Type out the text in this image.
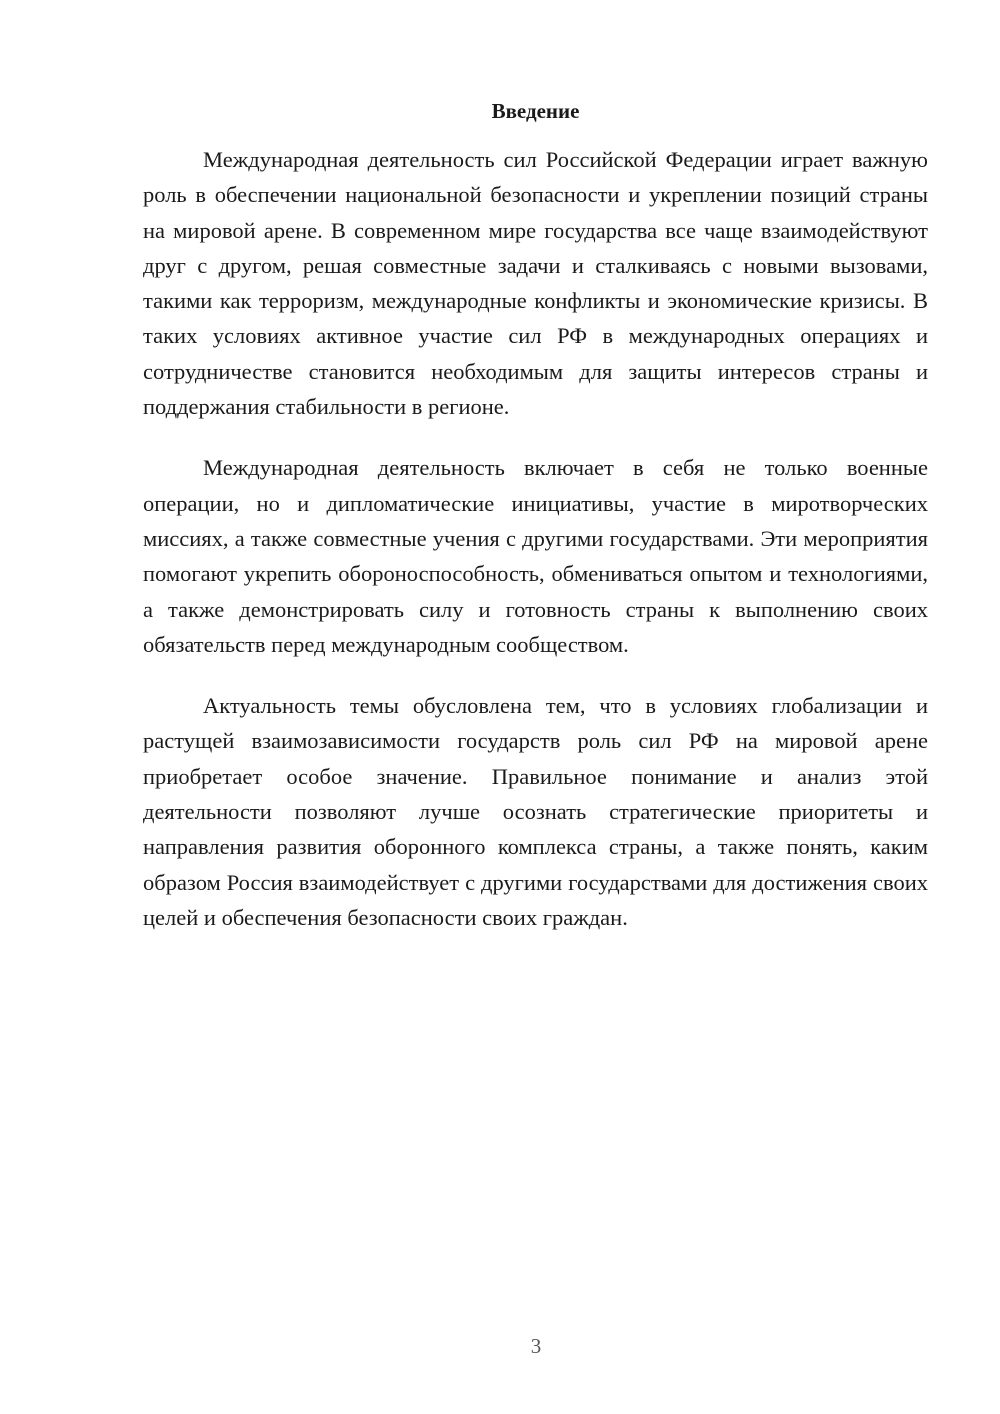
Введение

Международная деятельность сил Российской Федерации играет важную роль в обеспечении национальной безопасности и укреплении позиций страны на мировой арене. В современном мире государства все чаще взаимодействуют друг с другом, решая совместные задачи и сталкиваясь с новыми вызовами, такими как терроризм, международные конфликты и экономические кризисы. В таких условиях активное участие сил РФ в международных операциях и сотрудничестве становится необходимым для защиты интересов страны и поддержания стабильности в регионе.

Международная деятельность включает в себя не только военные операции, но и дипломатические инициативы, участие в миротворческих миссиях, а также совместные учения с другими государствами. Эти мероприятия помогают укрепить обороноспособность, обмениваться опытом и технологиями, а также демонстрировать силу и готовность страны к выполнению своих обязательств перед международным сообществом.

Актуальность темы обусловлена тем, что в условиях глобализации и растущей взаимозависимости государств роль сил РФ на мировой арене приобретает особое значение. Правильное понимание и анализ этой деятельности позволяют лучше осознать стратегические приоритеты и направления развития оборонного комплекса страны, а также понять, каким образом Россия взаимодействует с другими государствами для достижения своих целей и обеспечения безопасности своих граждан.

3
